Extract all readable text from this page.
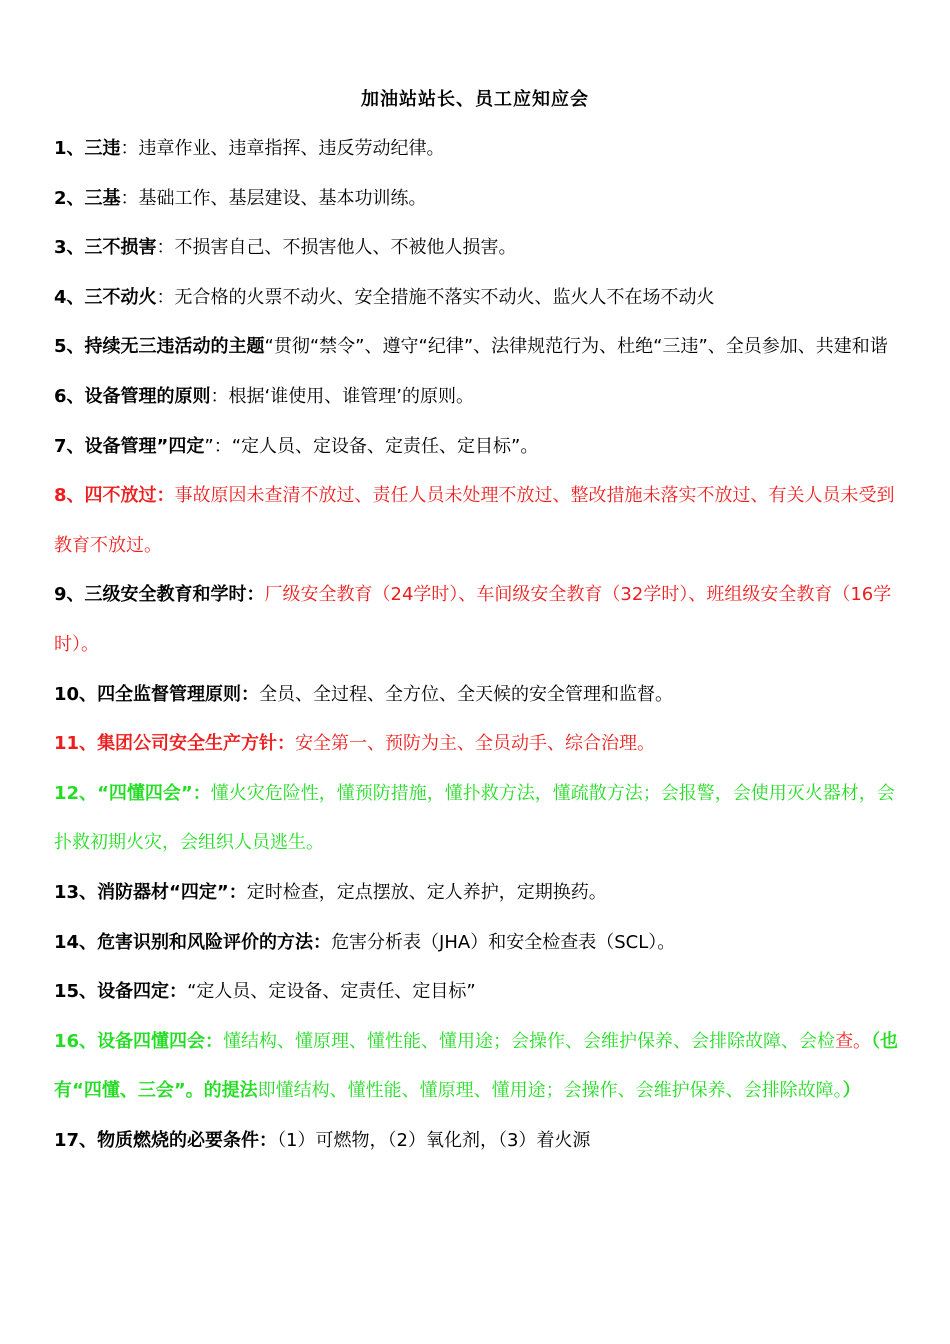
加油站站长、员工应知应会

1、三违：违章作业、违章指挥、违反劳动纪律。

2、三基：基础工作、基层建设、基本功训练。

3、三不损害：不损害自己、不损害他人、不被他人损害。

4、三不动火：无合格的火票不动火、安全措施不落实不动火、监火人不在场不动火

5、持续无三违活动的主题“贯彻“禁令”、遵守“纪律”、法律规范行为、杜绝“三违”、全员参加、共建和谐

6、设备管理的原则：根据‘谁使用、谁管理’的原则。

7、设备管理”四定”：“定人员、定设备、定责任、定目标”。

8、四不放过：事故原因未查清不放过、责任人员未处理不放过、整改措施未落实不放过、有关人员未受到教育不放过。

9、三级安全教育和学时：厂级安全教育（24学时）、车间级安全教育（32学时）、班组级安全教育（16学时）。

10、四全监督管理原则：全员、全过程、全方位、全天候的安全管理和监督。

11、集团公司安全生产方针：安全第一、预防为主、全员动手、综合治理。

12、“四懂四会”：懂火灾危险性，懂预防措施，懂扑救方法，懂疏散方法；会报警，会使用灭火器材，会扑救初期火灾，会组织人员逃生。

13、消防器材“四定”：定时检查，定点摆放、定人养护，定期换药。

14、危害识别和风险评价的方法：危害分析表（JHA）和安全检查表（SCL）。

15、设备四定：“定人员、定设备、定责任、定目标”

16、设备四懂四会：懂结构、懂原理、懂性能、懂用途；会操作、会维护保养、会排除故障、会检查。（也有“四懂、三会”。的提法即懂结构、懂性能、懂原理、懂用途；会操作、会维护保养、会排除故障。）

17、物质燃烧的必要条件：（1）可燃物，（2）氧化剂，（3）着火源
